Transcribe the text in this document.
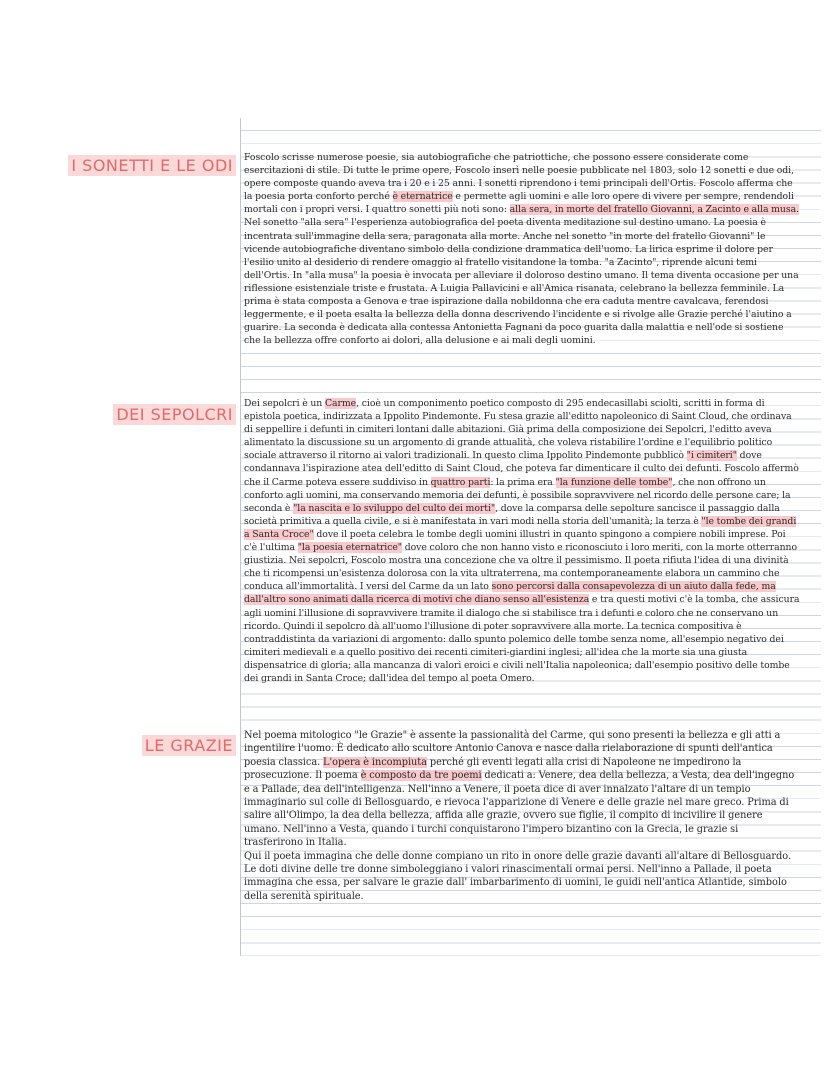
I SONETTI E LE ODI	Foscolo scrisse numerose poesie, sia autobiografiche che patriottiche, che possono essere considerate come esercitazioni di stile. Di tutte le prime opere, Foscolo inserì nelle poesie pubblicate nel 1803, solo 12 sonetti e due odi, opere composte quando aveva tra i 20 e i 25 anni. I sonetti riprendono i temi principali dell'Ortis. Foscolo afferma che la poesia porta conforto perché è eternatrice e permette agli uomini e alle loro opere di vivere per sempre, rendendoli mortali con i propri versi. I quattro sonetti più noti sono: alla sera, in morte del fratello Giovanni, a Zacinto e alla musa. Nel sonetto "alla sera" l'esperienza autobiografica del poeta diventa meditazione sul destino umano. La poesia è incentrata sull'immagine della sera, paragonata alla morte. Anche nel sonetto "in morte del fratello Giovanni" le vicende autobiografiche diventano simbolo della condizione drammatica dell'uomo. La lirica esprime il dolore per l'esilio unito al desiderio di rendere omaggio al fratello visitandone la tomba. "a Zacinto", riprende alcuni temi dell'Ortis. In "alla musa" la poesia è invocata per alleviare il doloroso destino umano. Il tema diventa occasione per una riflessione esistenziale triste e frustata. A Luigia Pallavicini e all'Amica risanata, celebrano la bellezza femminile. La prima è stata composta a Genova e trae ispirazione dalla nobildonna che era caduta mentre cavalcava, ferendosi leggermente, e il poeta esalta la bellezza della donna descrivendo l'incidente e si rivolge alle Grazie perché l'aiutino a guarire. La seconda è dedicata alla contessa Antonietta Fagnani da poco guarita dalla malattia e nell'ode si sostiene che la bellezza offre conforto ai dolori, alla delusione e ai mali degli uomini.
DEI SEPOLCRI
Dei sepolcri è un Carme, cioè un componimento poetico composto di 295 endecasillabi sciolti, scritti in forma di epistola poetica, indirizzata a Ippolito Pindemonte. Fu stesa grazie all'editto napoleonico di Saint Cloud, che ordinava di seppellire i defunti in cimiteri lontani dalle abitazioni. Già prima della composizione dei Sepolcri, l'editto aveva alimentato la discussione su un argomento di grande attualità, che voleva ristabilire l'ordine e l'equilibrio politico sociale attraverso il ritorno ai valori tradizionali. In questo clima Ippolito Pindemonte pubblicò "i cimiteri" dove condannava l'ispirazione atea dell'editto di Saint Cloud, che poteva far dimenticare il culto dei defunti. Foscolo affermò che il Carme poteva essere suddiviso in quattro parti: la prima era "la funzione delle tombe", che non offrono un conforto agli uomini, ma conservando memoria dei defunti, è possibile sopravvivere nel ricordo delle persone care; la seconda è "la nascita e lo sviluppo del culto dei morti", dove la comparsa delle sepolture sancisce il passaggio dalla società primitiva a quella civile, e si è manifestata in vari modi nella storia dell'umanità; la terza è "le tombe dei grandi a Santa Croce" dove il poeta celebra le tombe degli uomini illustri in quanto spingono a compiere nobili imprese. Poi c'è l'ultima "la poesia eternatrice" dove coloro che non hanno visto e riconosciuto i loro meriti, con la morte otterranno giustizia. Nei sepolcri, Foscolo mostra una concezione che va oltre il pessimismo. Il poeta rifiuta l'idea di una divinità che ti ricompensi un'esistenza dolorosa con la vita ultraterrena, ma contemporaneamente elabora un cammino che conduca all'immortalità. I versi del Carme da un lato sono percorsi dalla consapevolezza di un aiuto dalla fede, ma dall'altro sono animati dalla ricerca di motivi che diano senso all'esistenza e tra questi motivi c'è la tomba, che assicura agli uomini l'illusione di sopravvivere tramite il dialogo che si stabilisce tra i defunti e coloro che ne conservano un ricordo. Quindi il sepolcro dà all'uomo l'illusione di poter sopravvivere alla morte. La tecnica compositiva è contraddistinta da variazioni di argomento: dallo spunto polemico delle tombe senza nome, all'esempio negativo dei cimiteri medievali e a quello positivo dei recenti cimiteri-giardini inglesi; all'idea che la morte sia una giusta dispensatrice di gloria; alla mancanza di valori eroici e civili nell'Italia napoleonica; dall'esempio positivo delle tombe dei grandi in Santa Croce; dall'idea del tempo al poeta Omero.
LE GRAZIE
Nel poema mitologico "le Grazie" è assente la passionalità del Carme, qui sono presenti la bellezza e gli atti a ingentilire l'uomo. È dedicato allo scultore Antonio Canova e nasce dalla rielaborazione di spunti dell'antica poesia classica. L'opera è incompiuta perché gli eventi legati alla crisi di Napoleone ne impedirono la prosecuzione. Il poema è composto da tre poemi dedicati a: Venere, dea della bellezza, a Vesta, dea dell'ingegno e a Pallade, dea dell'intelligenza. Nell'inno a Venere, il poeta dice di aver innalzato l'altare di un tempio immaginario sul colle di Bellosguardo, e rievoca l'apparizione di Venere e delle grazie nel mare greco. Prima di salire all'Olimpo, la dea della bellezza, affida alle grazie, ovvero sue figlie, il compito di incivilire il genere umano. Nell'inno a Vesta, quando i turchi conquistarono l'impero bizantino con la Grecia, le grazie si trasferirono in Italia.
Qui il poeta immagina che delle donne compiano un rito in onore delle grazie davanti all'altare di Bellosguardo. Le doti divine delle tre donne simboleggiano i valori rinascimentali ormai persi. Nell'inno a Pallade, il poeta immagina che essa, per salvare le grazie dall' imbarbarimento di uomini, le guidi nell'antica Atlantide, simbolo della serenità spirituale.
